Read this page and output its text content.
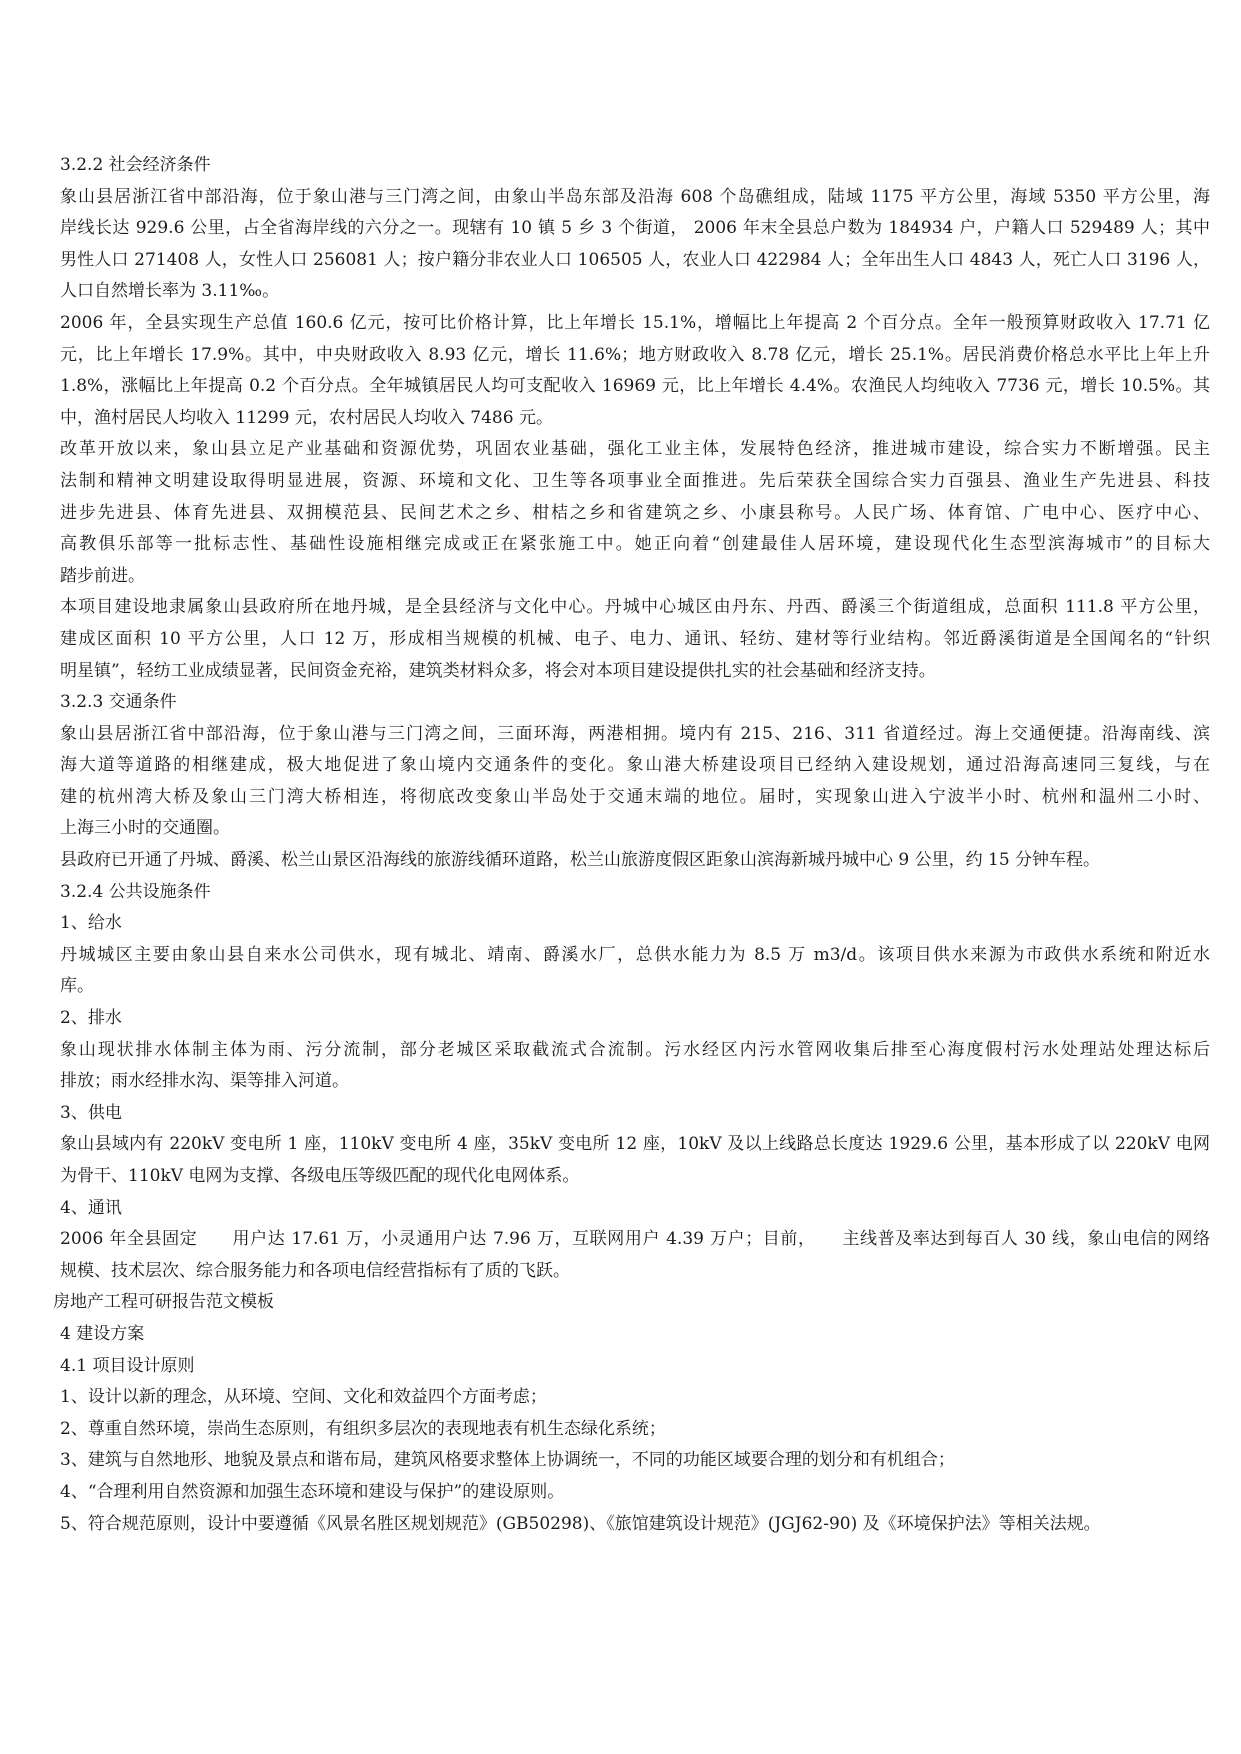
3.2.2 社会经济条件

象山县居浙江省中部沿海，位于象山港与三门湾之间，由象山半岛东部及沿海 608 个岛礁组成，陆域 1175 平方公里，海域 5350 平方公里，海

岸线长达 929.6 公里，占全省海岸线的六分之一。现辖有 10 镇 5 乡 3 个街道， 2006 年末全县总户数为 184934 户，户籍人口 529489 人；其中

男性人口 271408 人，女性人口 256081 人；按户籍分非农业人口 106505 人，农业人口 422984 人；全年出生人口 4843 人，死亡人口 3196 人，

人口自然增长率为 3.11‰。

2006 年，全县实现生产总值 160.6 亿元，按可比价格计算，比上年增长 15.1%，增幅比上年提高 2 个百分点。全年一般预算财政收入 17.71 亿

元，比上年增长 17.9%。其中，中央财政收入 8.93 亿元，增长 11.6%；地方财政收入 8.78 亿元，增长 25.1%。居民消费价格总水平比上年上升

1.8%，涨幅比上年提高 0.2 个百分点。全年城镇居民人均可支配收入 16969 元，比上年增长 4.4%。农渔民人均纯收入 7736 元，增长 10.5%。其

中，渔村居民人均收入 11299 元，农村居民人均收入 7486 元。

改革开放以来，象山县立足产业基础和资源优势，巩固农业基础，强化工业主体，发展特色经济，推进城市建设，综合实力不断增强。民主

法制和精神文明建设取得明显进展，资源、环境和文化、卫生等各项事业全面推进。先后荣获全国综合实力百强县、渔业生产先进县、科技

进步先进县、体育先进县、双拥模范县、民间艺术之乡、柑桔之乡和省建筑之乡、小康县称号。人民广场、体育馆、广电中心、医疗中心、

高教俱乐部等一批标志性、基础性设施相继完成或正在紧张施工中。她正向着“创建最佳人居环境，建设现代化生态型滨海城市”的目标大

踏步前进。

本项目建设地隶属象山县政府所在地丹城，是全县经济与文化中心。丹城中心城区由丹东、丹西、爵溪三个街道组成，总面积 111.8 平方公里，

建成区面积 10 平方公里，人口 12 万，形成相当规模的机械、电子、电力、通讯、轻纺、建材等行业结构。邻近爵溪街道是全国闻名的“针织

明星镇”，轻纺工业成绩显著，民间资金充裕，建筑类材料众多，将会对本项目建设提供扎实的社会基础和经济支持。

3.2.3 交通条件

象山县居浙江省中部沿海，位于象山港与三门湾之间，三面环海，两港相拥。境内有 215、216、311 省道经过。海上交通便捷。沿海南线、滨

海大道等道路的相继建成，极大地促进了象山境内交通条件的变化。象山港大桥建设项目已经纳入建设规划，通过沿海高速同三复线，与在

建的杭州湾大桥及象山三门湾大桥相连，将彻底改变象山半岛处于交通末端的地位。届时，实现象山进入宁波半小时、杭州和温州二小时、

上海三小时的交通圈。

县政府已开通了丹城、爵溪、松兰山景区沿海线的旅游线循环道路，松兰山旅游度假区距象山滨海新城丹城中心 9 公里，约 15 分钟车程。

3.2.4 公共设施条件

1、给水

丹城城区主要由象山县自来水公司供水，现有城北、靖南、爵溪水厂，总供水能力为 8.5 万 m3/d。该项目供水来源为市政供水系统和附近水

库。

2、排水

象山现状排水体制主体为雨、污分流制，部分老城区采取截流式合流制。污水经区内污水管网收集后排至心海度假村污水处理站处理达标后

排放；雨水经排水沟、渠等排入河道。

3、供电

象山县域内有 220kV 变电所 1 座，110kV 变电所 4 座，35kV 变电所 12 座，10kV 及以上线路总长度达 1929.6 公里，基本形成了以 220kV 电网

为骨干、110kV 电网为支撑、各级电压等级匹配的现代化电网体系。

4、通讯

2006 年全县固定　　用户达 17.61 万，小灵通用户达 7.96 万，互联网用户 4.39 万户；目前，　　主线普及率达到每百人 30 线，象山电信的网络

规模、技术层次、综合服务能力和各项电信经营指标有了质的飞跃。

房地产工程可研报告范文模板

4 建设方案

4.1 项目设计原则

1、设计以新的理念，从环境、空间、文化和效益四个方面考虑；

2、尊重自然环境，崇尚生态原则，有组织多层次的表现地表有机生态绿化系统；

3、建筑与自然地形、地貌及景点和谐布局，建筑风格要求整体上协调统一，不同的功能区域要合理的划分和有机组合；

4、“合理利用自然资源和加强生态环境和建设与保护”的建设原则。

5、符合规范原则，设计中要遵循《风景名胜区规划规范》(GB50298)、《旅馆建筑设计规范》(JGJ62-90) 及《环境保护法》等相关法规。
